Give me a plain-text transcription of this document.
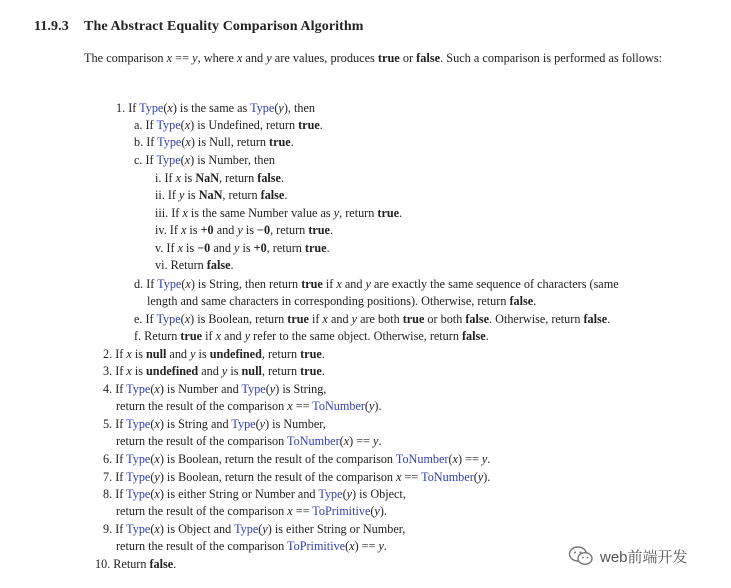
11.9.3 The Abstract Equality Comparison Algorithm
The comparison x == y, where x and y are values, produces true or false. Such a comparison is performed as follows:
1. If Type(x) is the same as Type(y), then
a. If Type(x) is Undefined, return true.
b. If Type(x) is Null, return true.
c. If Type(x) is Number, then
i. If x is NaN, return false.
ii. If y is NaN, return false.
iii. If x is the same Number value as y, return true.
iv. If x is +0 and y is −0, return true.
v. If x is −0 and y is +0, return true.
vi. Return false.
d. If Type(x) is String, then return true if x and y are exactly the same sequence of characters (same
length and same characters in corresponding positions). Otherwise, return false.
e. If Type(x) is Boolean, return true if x and y are both true or both false. Otherwise, return false.
f. Return true if x and y refer to the same object. Otherwise, return false.
2. If x is null and y is undefined, return true.
3. If x is undefined and y is null, return true.
4. If Type(x) is Number and Type(y) is String,
return the result of the comparison x == ToNumber(y).
5. If Type(x) is String and Type(y) is Number,
return the result of the comparison ToNumber(x) == y.
6. If Type(x) is Boolean, return the result of the comparison ToNumber(x) == y.
7. If Type(y) is Boolean, return the result of the comparison x == ToNumber(y).
8. If Type(x) is either String or Number and Type(y) is Object,
return the result of the comparison x == ToPrimitive(y).
9. If Type(x) is Object and Type(y) is either String or Number,
return the result of the comparison ToPrimitive(x) == y.
10. Return false.	web前端开发
